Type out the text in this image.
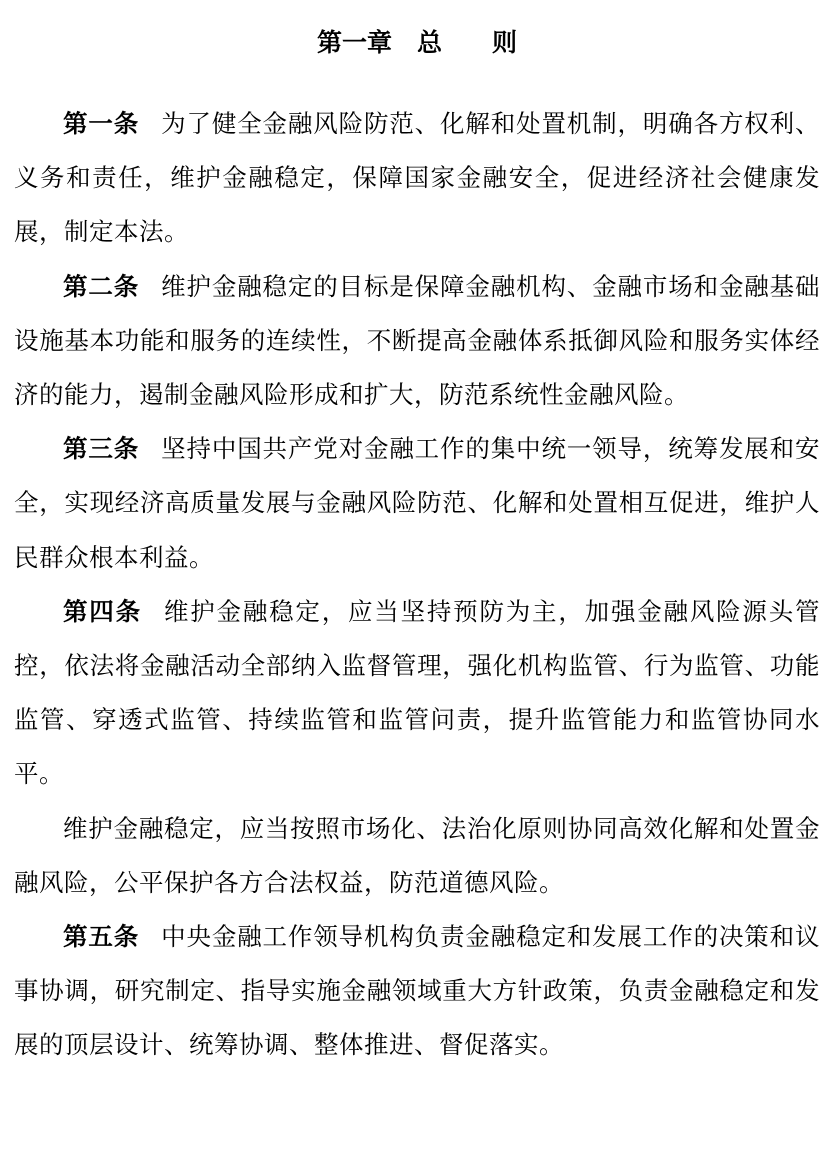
第一章　总　　则

第一条 为了健全金融风险防范、化解和处置机制，明确各方权利、义务和责任，维护金融稳定，保障国家金融安全，促进经济社会健康发展，制定本法。

第二条 维护金融稳定的目标是保障金融机构、金融市场和金融基础设施基本功能和服务的连续性，不断提高金融体系抵御风险和服务实体经济的能力，遏制金融风险形成和扩大，防范系统性金融风险。

第三条 坚持中国共产党对金融工作的集中统一领导，统筹发展和安全，实现经济高质量发展与金融风险防范、化解和处置相互促进，维护人民群众根本利益。

第四条 维护金融稳定，应当坚持预防为主，加强金融风险源头管控，依法将金融活动全部纳入监督管理，强化机构监管、行为监管、功能监管、穿透式监管、持续监管和监管问责，提升监管能力和监管协同水平。

维护金融稳定，应当按照市场化、法治化原则协同高效化解和处置金融风险，公平保护各方合法权益，防范道德风险。

第五条 中央金融工作领导机构负责金融稳定和发展工作的决策和议事协调，研究制定、指导实施金融领域重大方针政策，负责金融稳定和发展的顶层设计、统筹协调、整体推进、督促落实。
